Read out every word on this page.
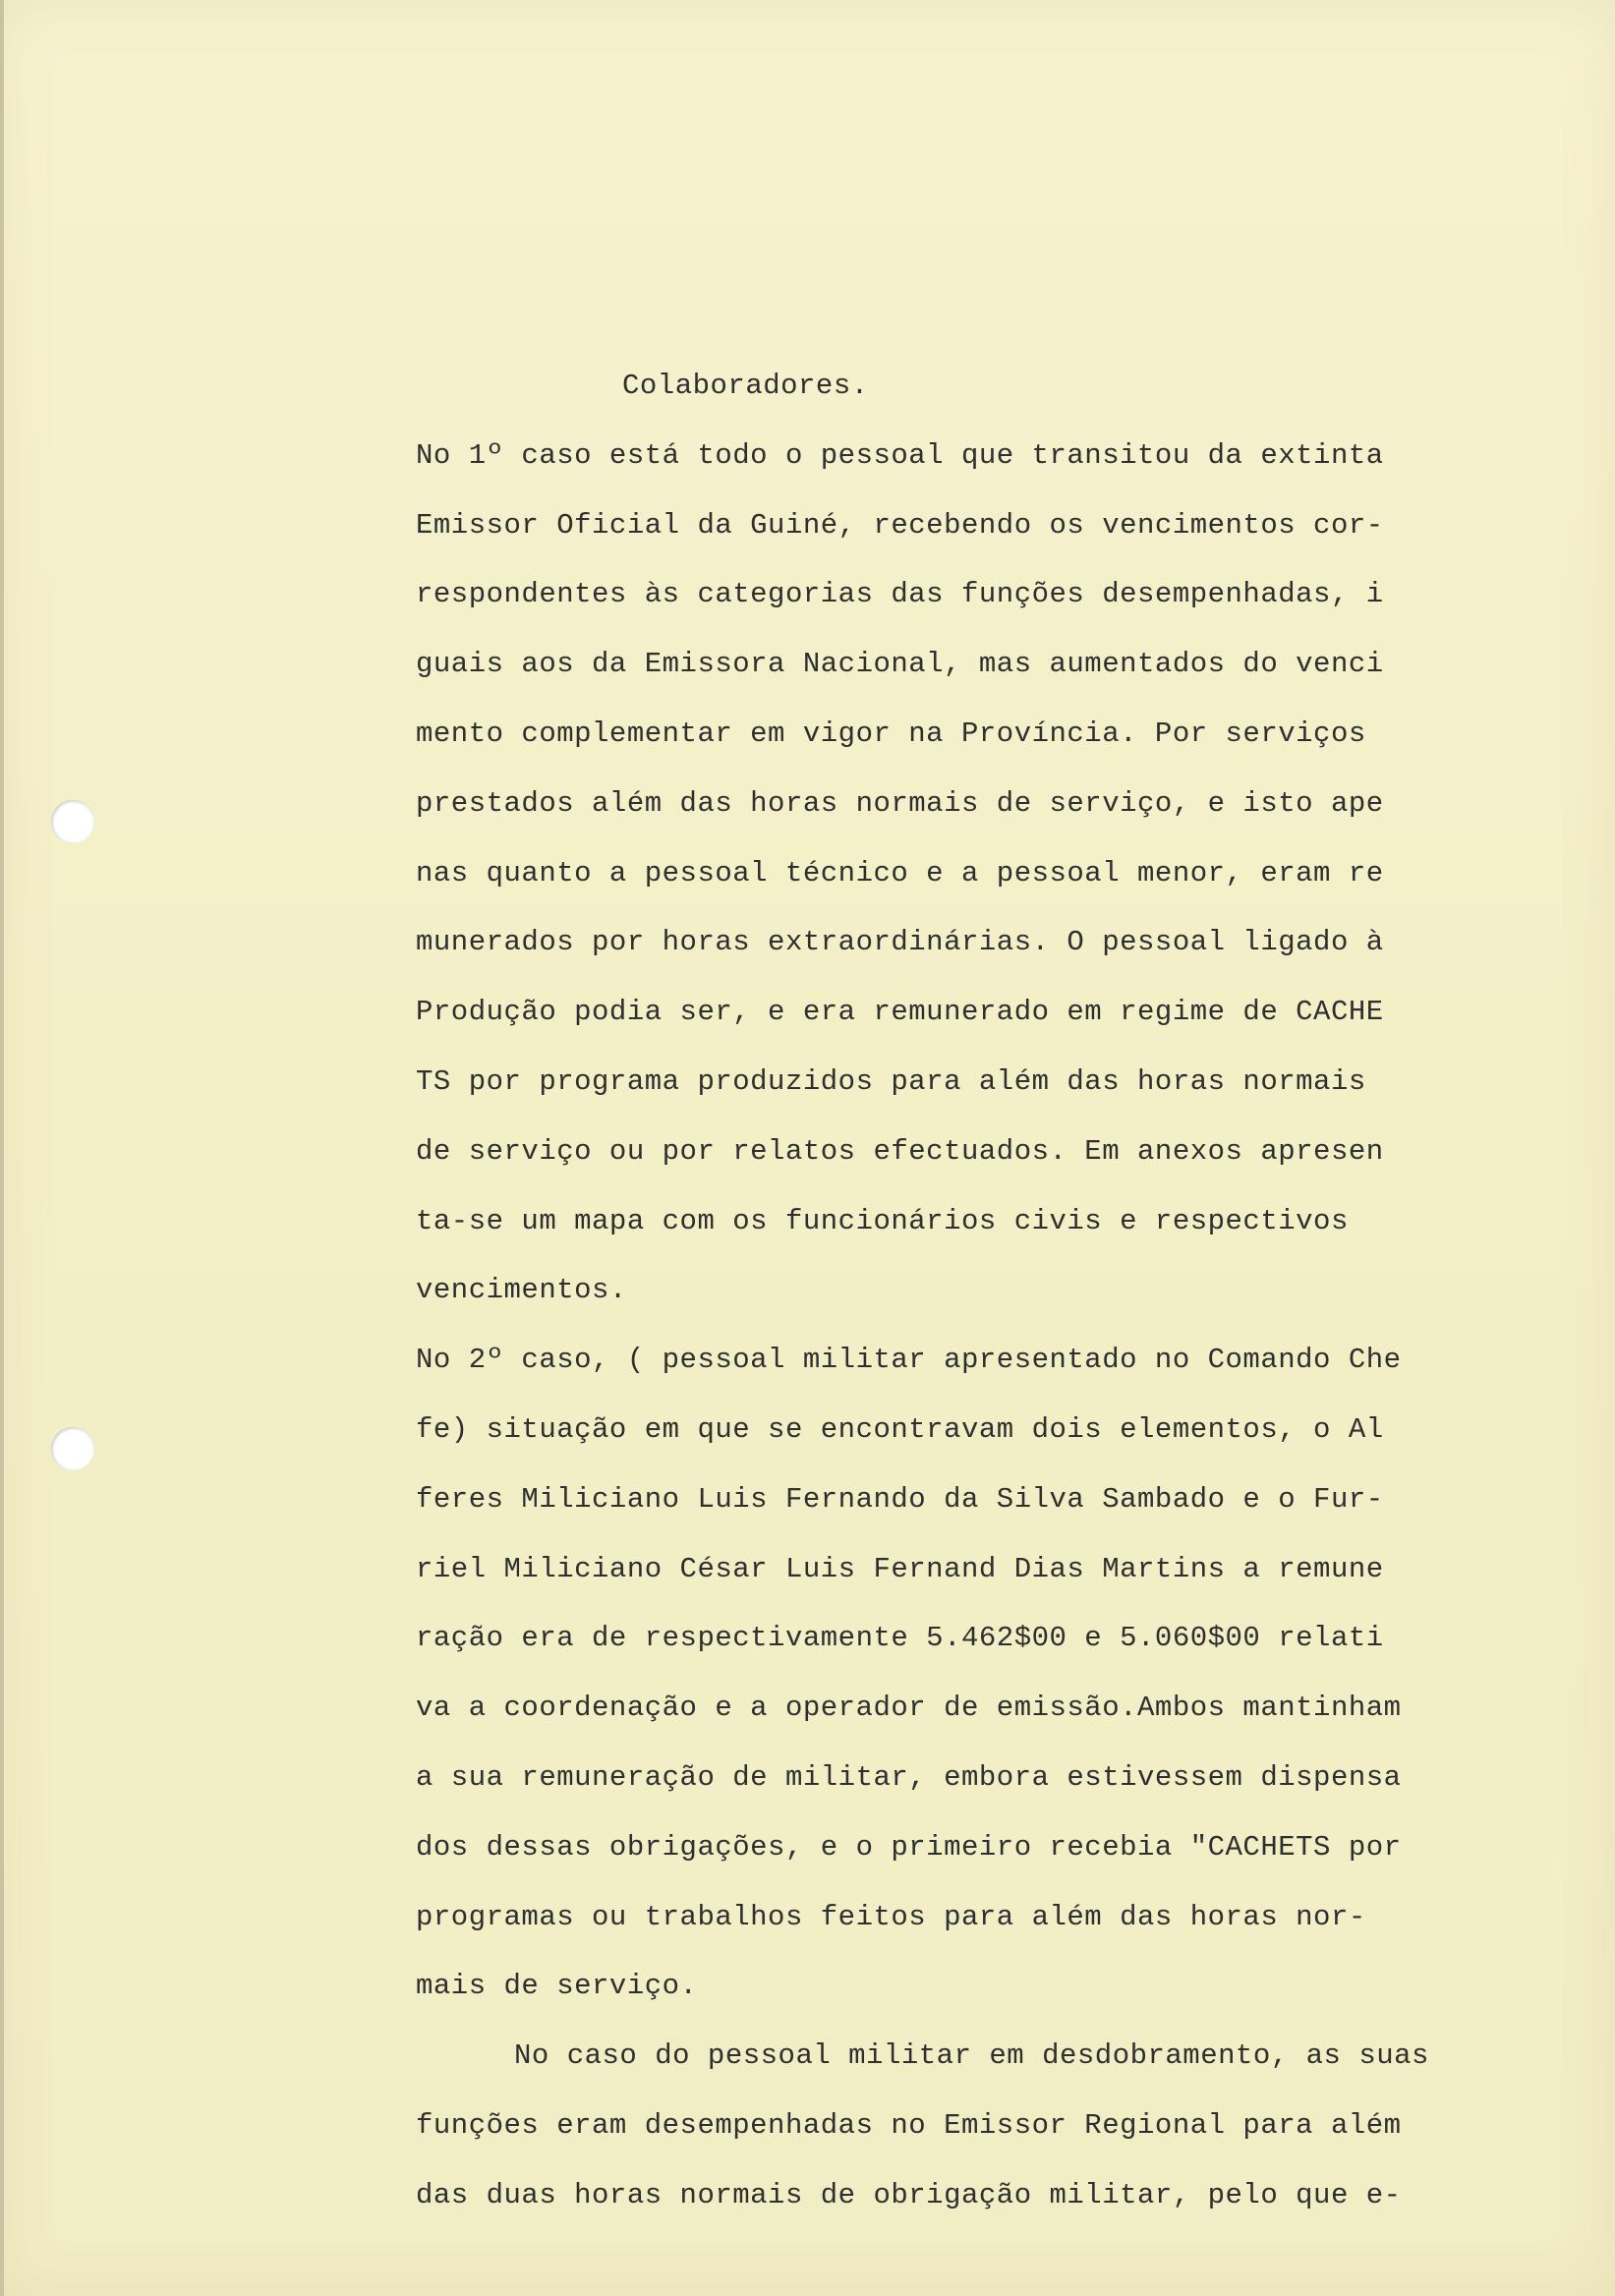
Colaboradores.
No 1º caso está todo o pessoal que transitou da extinta
Emissor Oficial da Guiné, recebendo os vencimentos cor-
respondentes às categorias das funções desempenhadas, i
guais aos da Emissora Nacional, mas aumentados do venci
mento complementar em vigor na Província. Por serviços
prestados além das horas normais de serviço, e isto ape
nas quanto a pessoal técnico e a pessoal menor, eram re
munerados por horas extraordinárias. O pessoal ligado à
Produção podia ser, e era remunerado em regime de CACHE
TS por programa produzidos para além das horas normais
de serviço ou por relatos efectuados. Em anexos apresen
ta-se um mapa com os funcionários civis e respectivos
vencimentos.
No 2º caso, ( pessoal militar apresentado no Comando Che
fe) situação em que se encontravam dois elementos, o Al
feres Miliciano Luis Fernando da Silva Sambado e o Fur-
riel Miliciano César Luis Fernand Dias Martins a remune
ração era de respectivamente 5.462$00 e 5.060$00 relati
va a coordenação e a operador de emissão.Ambos mantinham
a sua remuneração de militar, embora estivessem dispensa
dos dessas obrigações, e o primeiro recebia "CACHETS por
programas ou trabalhos feitos para além das horas nor-
mais de serviço.
No caso do pessoal militar em desdobramento, as suas
funções eram desempenhadas no Emissor Regional para além
das duas horas normais de obrigação militar, pelo que e-
